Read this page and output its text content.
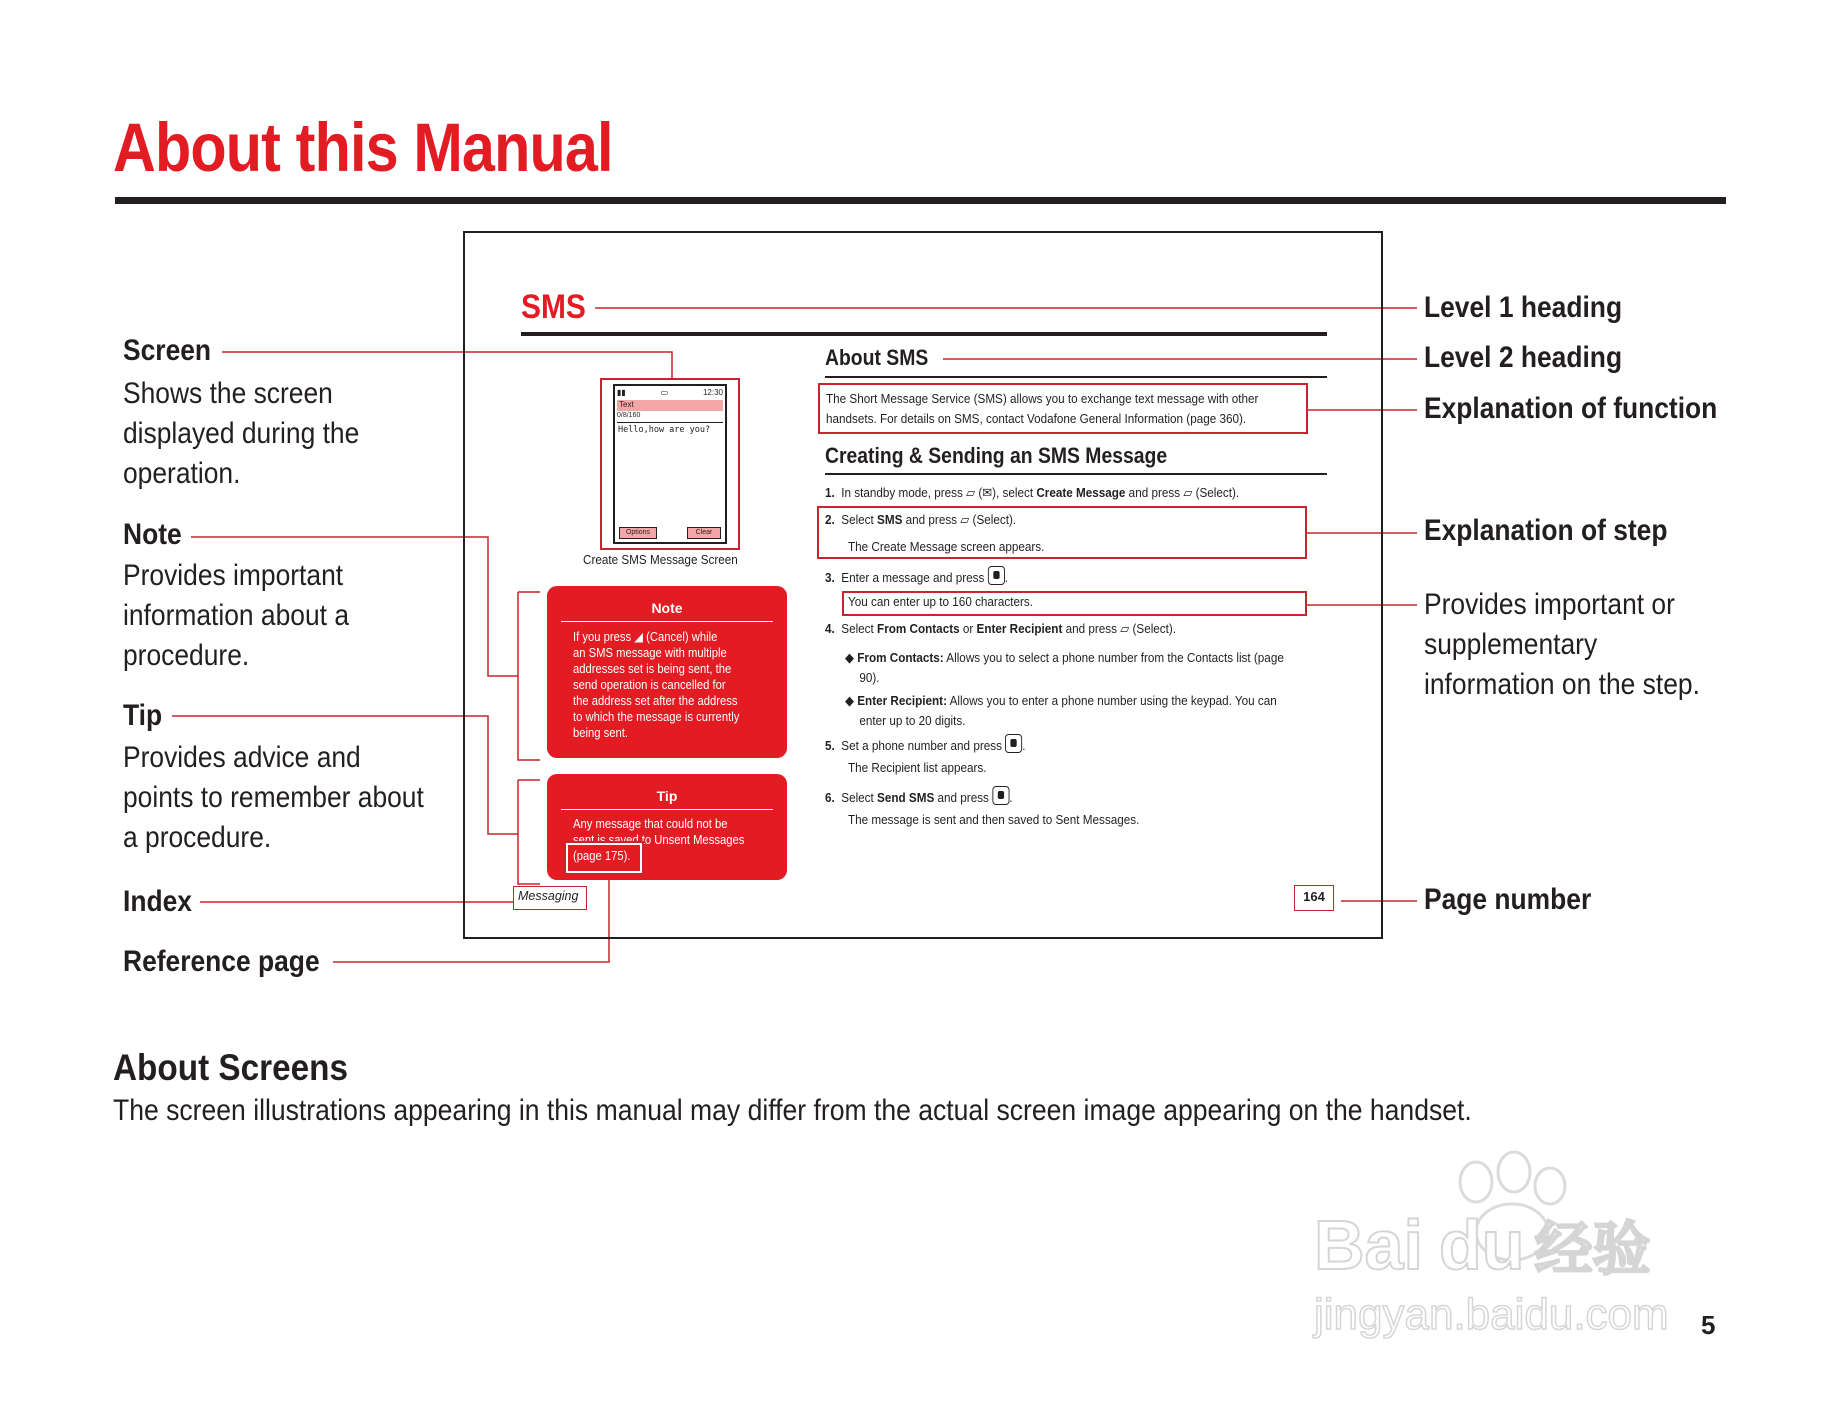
About this Manual
Screen
Shows the screen
displayed during the
operation.
Note
Provides important
information about a
procedure.
Tip
Provides advice and
points to remember about
a procedure.
Index
Reference page
SMS
About SMS
The Short Message Service (SMS) allows you to exchange text message with other
handsets. For details on SMS, contact Vodafone General Information (page 360).
Creating & Sending an SMS Message
1. In standby mode, press ▱ (✉), select Create Message and press ▱ (Select).
2. Select SMS and press ▱ (Select).
The Create Message screen appears.
3. Enter a message and press .
You can enter up to 160 characters.
4. Select From Contacts or Enter Recipient and press ▱ (Select).
◆ From Contacts: Allows you to select a phone number from the Contacts list (page
90).
◆ Enter Recipient: Allows you to enter a phone number using the keypad. You can
enter up to 20 digits.
5. Set a phone number and press .
The Recipient list appears.
6. Select Send SMS and press .
The message is sent and then saved to Sent Messages.
▮▮	▭	12:30
Text
0/8/160
Hello,how are you?
Options	Clear
Create SMS Message Screen
Note
If you press ◢ (Cancel) while
an SMS message with multiple
addresses set is being sent, the
send operation is cancelled for
the address set after the address
to which the message is currently
being sent.
Tip
Any message that could not be
sent is saved to Unsent Messages
(page 175).
Messaging	164
Level 1 heading
Level 2 heading
Explanation of function
Explanation of step
Provides important or
supplementary
information on the step.
Page number
About Screens
The screen illustrations appearing in this manual may differ from the actual screen image appearing on the handset.
Bai du 经验
jingyan.baidu.com 5
